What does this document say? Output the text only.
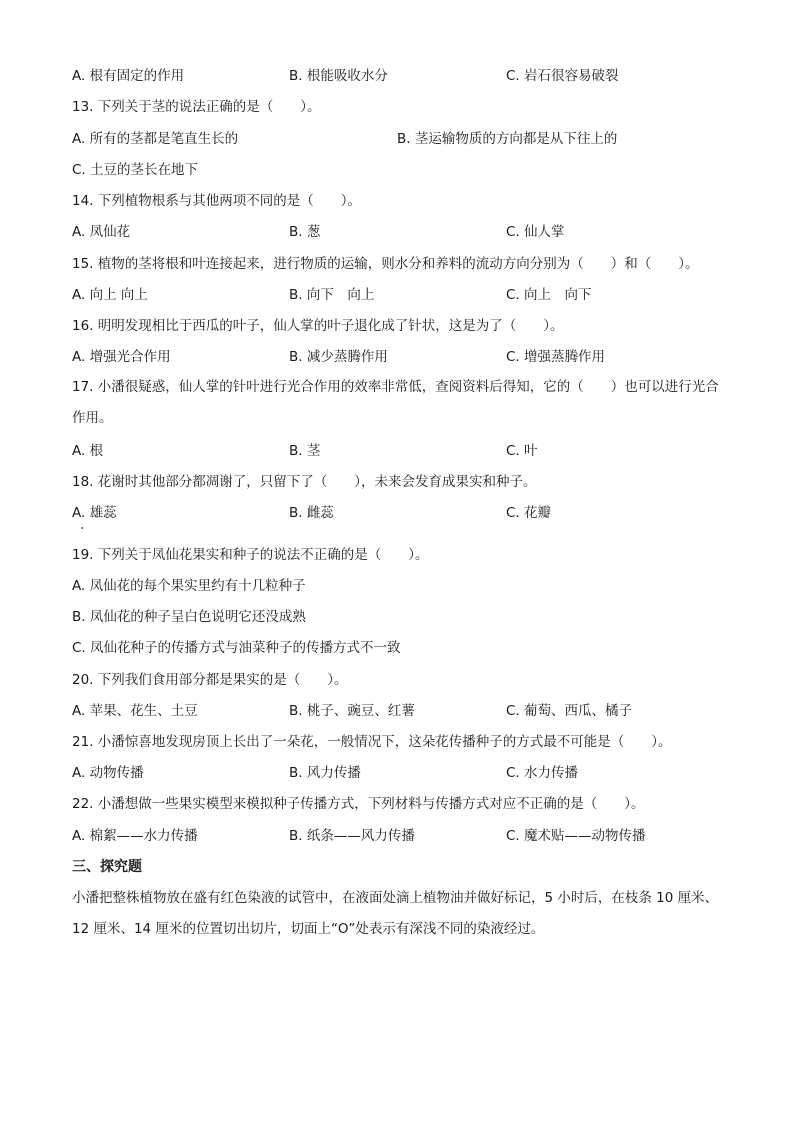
A. 根有固定的作用	B. 根能吸收水分	C. 岩石很容易破裂
13. 下列关于茎的说法正确的是（　　）。
A. 所有的茎都是笔直生长的	B. 茎运输物质的方向都是从下往上的
C. 土豆的茎长在地下
14. 下列植物根系与其他两项不同的是（　　）。
A. 凤仙花	B. 葱	C. 仙人掌
15. 植物的茎将根和叶连接起来，进行物质的运输，则水分和养料的流动方向分别为（　　）和（　　）。
A. 向上 向上	B. 向下　向上	C. 向上　向下
16. 明明发现相比于西瓜的叶子，仙人掌的叶子退化成了针状，这是为了（　　）。
A. 增强光合作用	B. 减少蒸腾作用	C. 增强蒸腾作用
17. 小潘很疑惑，仙人掌的针叶进行光合作用的效率非常低，查阅资料后得知，它的（　　）也可以进行光合作用。
A. 根	B. 茎	C. 叶
18. 花谢时其他部分都凋谢了，只留下了（　　），未来会发育成果实和种子。
A. 雄蕊	B. 雌蕊	C. 花瓣
19. 下列关于凤仙花果实和种子的说法不正确的是（　　）。
A. 凤仙花的每个果实里约有十几粒种子
B. 凤仙花的种子呈白色说明它还没成熟
C. 凤仙花种子的传播方式与油菜种子的传播方式不一致
20. 下列我们食用部分都是果实的是（　　）。
A. 苹果、花生、土豆	B. 桃子、豌豆、红薯	C. 葡萄、西瓜、橘子
21. 小潘惊喜地发现房顶上长出了一朵花，一般情况下，这朵花传播种子的方式最不可能是（　　）。
A. 动物传播	B. 风力传播	C. 水力传播
22. 小潘想做一些果实模型来模拟种子传播方式，下列材料与传播方式对应不正确的是（　　）。
A. 棉絮——水力传播	B. 纸条——风力传播	C. 魔术贴——动物传播
三、探究题
小潘把整株植物放在盛有红色染液的试管中，在液面处滴上植物油并做好标记，5 小时后，在枝条 10 厘米、12 厘米、14 厘米的位置切出切片，切面上“O”处表示有深浅不同的染液经过。
